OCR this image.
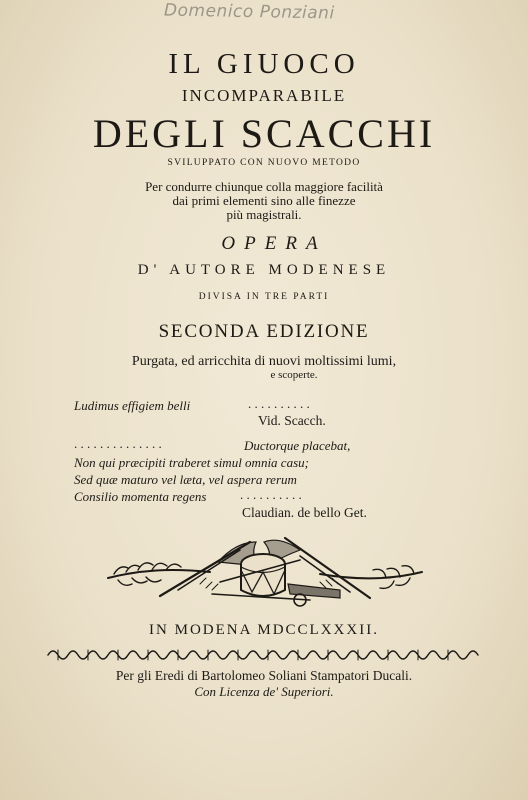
Domenico Ponziani
IL GIUOCO
INCOMPARABILE
DEGLI SCACCHI
SVILUPPATO CON NUOVO METODO
Per condurre chiunque colla maggiore facilità
dai primi elementi sino alle finezze
più magistrali.
OPERA
D' AUTORE MODENESE
DIVISA IN TRE PARTI
SECONDA EDIZIONE
Purgata, ed arricchita di nuovi moltissimi lumi,
e scoperte.
Ludimus effigiem belli	. . . . . . . . . .
Vid. Scacch.
. . . . . . . . . . . . . .	Ductorque placebat,
Non qui præcipiti traberet simul omnia casu;
Sed quæ maturo vel læta, vel aspera rerum
Consilio momenta regens	. . . . . . . . . .
Claudian. de bello Get.
IN MODENA MDCCLXXXII.
Per gli Eredi di Bartolomeo Soliani Stampatori Ducali.
Con Licenza de' Superiori.
